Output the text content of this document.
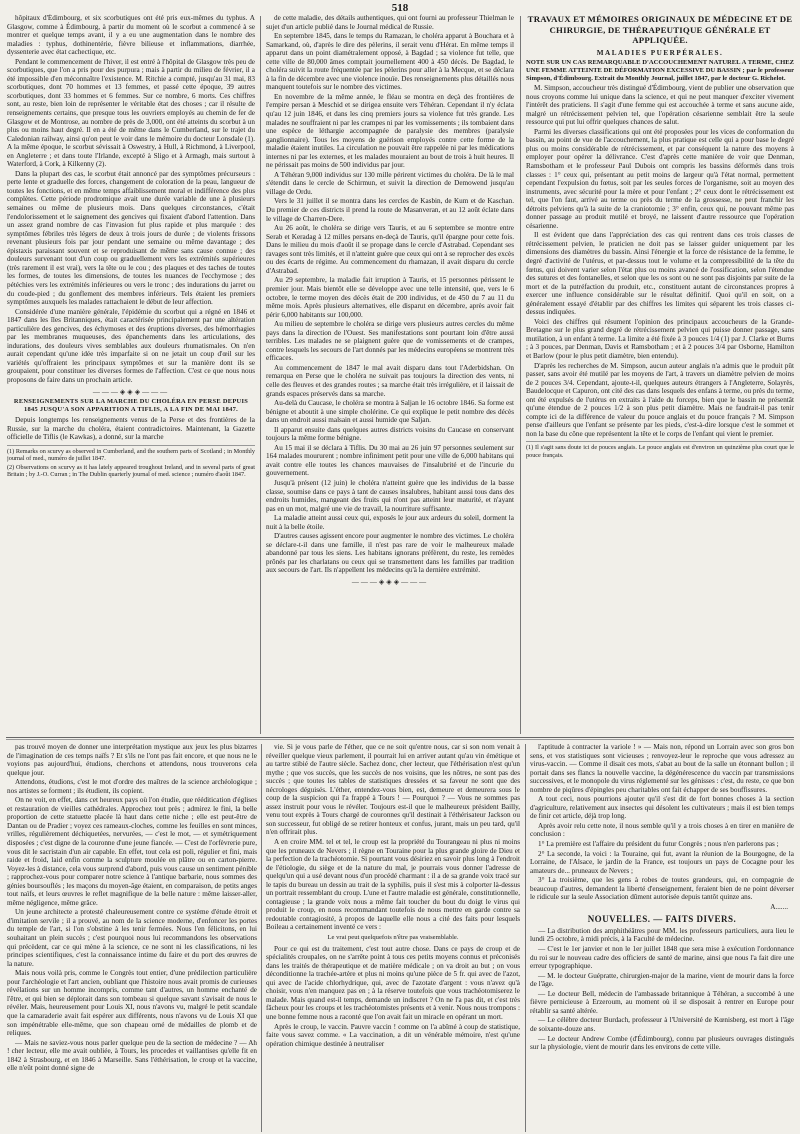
518

hôpitaux d'Édimbourg, et six scorbutiques ont été pris eux-mêmes du typhus. A Glasgow, comme à Édimbourg, à partir du moment où le scorbut a commencé à se montrer et quelque temps avant, il y a eu une augmentation dans le nombre des maladies : typhus, dothinentérie, fièvre bilieuse et inflammations, diarrhée, dyssenterie avec état cachectique, etc.

Pendant le commencement de l'hiver, il est entré à l'hôpital de Glasgow très peu de scorbutiques, que l'on a pris pour des purpura ; mais à partir du milieu de février, il a été impossible d'en méconnaître l'existence. M. Ritchie a compté, jusqu'au 31 mai, 83 scorbutiques, dont 70 hommes et 13 femmes, et passé cette époque, 39 autres scorbutiques, dont 33 hommes et 6 femmes. Sur ce nombre, 6 morts. Ces chiffres sont, au reste, bien loin de représenter le véritable état des choses ; car il résulte de renseignements certains, que presque tous les ouvriers employés au chemin de fer de Glasgow et de Montrose, au nombre de près de 3,000, ont été atteints du scorbut à un plus ou moins haut degré. Il en a été de même dans le Cumberland, sur le trajet du Caledonian railway, ainsi qu'on peut le voir dans le mémoire du docteur Lonsdale (1). A la même époque, le scorbut sévissait à Oswestry, à Hull, à Richmond, à Liverpool, en Angleterre ; et dans toute l'Irlande, excepté à Sligo et à Armagh, mais surtout à Waterford, à Cork, à Kilkenny (2).

Dans la plupart des cas, le scorbut était annoncé par des symptômes précurseurs : perte lente et graduelle des forces, changement de coloration de la peau, langueur de toutes les fonctions, et en même temps affaiblissement moral et indifférence des plus complètes. Cette période prodromique avait une durée variable de une à plusieurs semaines ou même de plusieurs mois. Dans quelques circonstances, c'était l'endolorissement et le saignement des gencives qui fixaient d'abord l'attention. Dans un assez grand nombre de cas l'invasion fut plus rapide et plus marquée : des symptômes fébriles très légers de deux à trois jours de durée ; de violents frissons revenant plusieurs fois par jour pendant une semaine ou même davantage ; des épistaxis paraissant souvent et se reproduisant de même sans cause connue ; des douleurs survenant tout d'un coup ou graduellement vers les extrémités supérieures (très rarement il est vrai), vers la tête ou le cou ; des plaques et des taches de toutes les formes, de toutes les dimensions, de toutes les nuances de l'ecchymose ; des pétéchies vers les extrémités inférieures ou vers le tronc ; des indurations du jarret ou du coude-pied ; du gonflement des membres inférieurs. Tels étaient les premiers symptômes auxquels les malades rattachaient le début de leur affection.

Considérée d'une manière générale, l'épidémie du scorbut qui a régné en 1846 et 1847 dans les îles Britanniques, était caractérisée principalement par une altération particulière des gencives, des échymoses et des éruptions diverses, des hémorrhagies par les membranes muqueuses, des épanchements dans les articulations, des indurations, des douleurs vives semblables aux douleurs rhumatismales. On n'en aurait cependant qu'une idée très imparfaite si on ne jetait un coup d'œil sur les variétés qu'offraient les principaux symptômes et sur la manière dont ils se groupaient, pour constituer les diverses formes de l'affection. C'est ce que nous nous proposons de faire dans un prochain article.

———◈◈◈———
RENSEIGNEMENTS SUR LA MARCHE DU CHOLÉRA EN PERSE DEPUIS 1845 JUSQU'A SON APPARITION A TIFLIS, A LA FIN DE MAI 1847.

Depuis longtemps les renseignements venus de la Perse et des frontières de la Russie, sur la marche du choléra, étaient contradictoires. Maintenant, la Gazette officielle de Tiflis (le Kawkas), a donné, sur la marche

(1) Remarks on scurvy as observed in Cumberland, and the southern parts of Scotland ; in Monthly journal of med., numéro de juillet 1847.

(2) Observations on scurvy as it has lately appeared troughout Ireland, and in several parts of great Britain ; by J.-O. Curran ; in The Dublin quarterly journal of med. science ; numéro d'août 1847.

de cette maladie, des détails authentiques, qui ont fourni au professeur Thielman le sujet d'un article publié dans le Journal médical de Russie.

En septembre 1845, dans le temps du Ramazan, le choléra apparut à Bouchara et à Samarkand, où, d'après le dire des pèlerins, il serait venu d'Hérat. En même temps il apparut dans un point diamétralement opposé, à Bagdad ; sa violence fut telle, que cette ville de 80,000 âmes comptait journellement 400 à 450 décès. De Bagdad, le choléra suivit la route fréquentée par les pèlerins pour aller à la Mecque, et se déclara à la fin de décembre avec une violence inouïe. Des renseignements plus détaillés nous manquent toutefois sur le nombre des victimes.

En novembre de la même année, le fléau se montra en deçà des frontières de l'empire persan à Meschid et se dirigea ensuite vers Téhéran. Cependant il n'y éclata qu'au 12 juin 1846, et dans les cinq premiers jours sa violence fut très grande. Les malades ne souffraient ni par les crampes ni par les vomissements ; ils tombaient dans une espèce de léthargie accompagnée de paralysie des membres (paralysie ganglionnaire). Tous les moyens de guérison employés contre cette forme de la maladie étaient inutiles. La circulation ne pouvait être rappelée ni par les médications internes ni par les externes, et les malades mouraient au bout de trois à huit heures. Il ne périssait pas moins de 500 individus par jour.

A Téhéran 9,000 individus sur 130 mille périrent victimes du choléra. De là le mal s'étendit dans le cercle de Schirmun, et suivit la direction de Demowend jusqu'au village de Ordu.

Vers le 31 juillet il se montra dans les cercles de Kasbin, de Kum et de Kaschan. Du premier de ces districts il prend la route de Masanveran, et au 12 août éclate dans le village de Charren-Dere.

Au 26 août, le choléra se dirige vers Tauris, et au 6 septembre se montre entre Serab et Keradag à 12 milles persans en-deçà de Tauris, qu'il épargne pour cette fois. Dans le milieu du mois d'août il se propage dans le cercle d'Astrabad. Cependant ses ravages sont très limités, et il n'atteint guère que ceux qui ont à se reprocher des excès ou des écarts de régime. Au commencement du rhamazan, il avait disparu du cercle d'Astrabad.

Au 29 septembre, la maladie fait irruption à Tauris, et 15 personnes périssent le premier jour. Mais bientôt elle se développe avec une telle intensité, que, vers le 6 octobre, le terme moyen des décès était de 200 individus, et de 450 du 7 au 11 du même mois. Après plusieurs alternatives, elle disparut en décembre, après avoir fait périr 6,000 habitants sur 100,000.

Au milieu de septembre le choléra se dirige vers plusieurs autres cercles du même pays dans la direction de l'Ouest. Ses manifestations sont pourtant loin d'être aussi terribles. Les malades ne se plaignent guère que de vomissements et de crampes, contre lesquels les secours de l'art donnés par les médecins européens se montrent très efficaces.

Au commencement de 1847 le mal avait disparu dans tout l'Aderbidshan. On remarqua en Perse que le choléra ne suivait pas toujours la direction des vents, ni celle des fleuves et des grandes routes ; sa marche était très irrégulière, et il laissait de grands espaces préservés dans sa marche.

Au-delà du Caucase, le choléra se montra à Saljan le 16 octobre 1846. Sa forme est bénigne et aboutit à une simple cholérine. Ce qui explique le petit nombre des décès dans un endroit aussi malsain et aussi humide que Saljan.

Il apparut ensuite dans quelques autres districts voisins du Caucase en conservant toujours la même forme bénigne.

Au 15 mai il se déclara à Tiflis. Du 30 mai au 26 juin 97 personnes seulement sur 164 malades moururent ; nombre infiniment petit pour une ville de 6,000 habitans qui avait contre elle toutes les chances mauvaises de l'insalubrité et de l'incurie du gouvernement.

Jusqu'à présent (12 juin) le choléra n'atteint guère que les individus de la basse classe, soumise dans ce pays à tant de causes insalubres, habitant aussi tous dans des endroits humides, mangeant des fruits qui n'ont pas atteint leur maturité, et n'ayant pas en un mot, malgré une vie de travail, la nourriture suffisante.

La maladie atteint aussi ceux qui, exposés le jour aux ardeurs du soleil, dorment la nuit à la belle étoile.

D'autres causes agissent encore pour augmenter le nombre des victimes. Le choléra se déclare-t-il dans une famille, il n'est pas rare de voir le malheureux malade abandonné par tous les siens. Les habitans ignorans préfèrent, du reste, les remèdes prônés par les charlatans ou ceux qui se transmettent dans les familles par tradition aux secours de l'art. Ils n'appellent les médecins qu'à la dernière extrémité.

———◈◈◈———
TRAVAUX ET MÉMOIRES ORIGINAUX DE MÉDECINE ET DE CHIRURGIE, DE THÉRAPEUTIQUE GÉNÉRALE ET APPLIQUÉE.
MALADIES PUERPÉRALES.
NOTE SUR UN CAS REMARQUABLE D'ACCOUCHEMENT NATUREL A TERME, CHEZ UNE FEMME ATTEINTE DE DÉFORMATION EXCESSIVE DU BASSIN ; par le professeur Simpson, d'Édimbourg. Extrait du Monthly Journal, juillet 1847, par le docteur G. Richelot.

M. Simpson, accoucheur très distingué d'Édimbourg, vient de publier une observation que nous croyons comme lui unique dans la science, et qui ne peut manquer d'exciter vivement l'intérêt des praticiens. Il s'agit d'une femme qui est accouchée à terme et sans aucune aide, malgré un rétrécissement pelvien tel, que l'opération césarienne semblait être la seule ressource qui put lui offrir quelques chances de salut.

Parmi les diverses classifications qui ont été proposées pour les vices de conformation du bassin, au point de vue de l'accouchement, la plus pratique est celle qui a pour base le degré plus ou moins considérable de rétrécissement, et par conséquent la nature des moyens à employer pour opérer la délivrance. C'est d'après cette manière de voir que Denman, Ramsbotham et le professeur Paul Dubois ont compris les bassins déformés dans trois classes : 1° ceux qui, présentant au petit moins de largeur qu'à l'état normal, permettent cependant l'expulsion du fœtus, soit par les seules forces de l'organisme, soit au moyen des instruments, avec sécurité pour la mère et pour l'enfant ; 2° ceux dont le rétrécissement est tel, que l'on faut, arrivé au terme ou près du terme de la grossesse, ne peut franchir les détroits pelviens qu'à la suite de la craniotomie ; 3° enfin, ceux qui, ne pouvant même pas donner passage au produit mutilé et broyé, ne laissent d'autre ressource que l'opération césarienne.

Il est évident que dans l'appréciation des cas qui rentrent dans ces trois classes de rétrécissement pelvien, le praticien ne doit pas se laisser guider uniquement par les dimensions des diamètres du bassin. Ainsi l'énergie et la force de résistance de la femme, le degré d'activité de l'utérus, et par-dessus tout le volume et la compressibilité de la tête du fœtus, qui doivent varier selon l'état plus ou moins avancé de l'ossification, selon l'étendue des sutures et des fontanelles, et selon que les os sont ou ne sont pas disjoints par suite de la mort et de la putréfaction du produit, etc., constituent autant de circonstances propres à exercer une influence considérable sur le résultat définitif. Quoi qu'il en soit, on a généralement essayé d'établir par des chiffres les limites qui séparent les trois classes ci-dessus indiquées.

Voici des chiffres qui résument l'opinion des principaux accoucheurs de la Grande-Bretagne sur le plus grand degré de rétrécissement pelvien qui puisse donner passage, sans mutilation, à un enfant à terme. La limite a été fixée à 3 pouces 1/4 (1) par J. Clarke et Burns ; à 3 pouces, par Denman, Davis et Ramsbotham ; et à 2 pouces 3/4 par Osborne, Hamilton et Barlow (pour le plus petit diamètre, bien entendu).

D'après les recherches de M. Simpson, aucun auteur anglais n'a admis que le produit pût passer, sans avoir été mutilé par les moyens de l'art, à travers un diamètre pelvien de moins de 2 pouces 3/4. Cependant, ajoute-t-il, quelques auteurs étrangers à l'Angleterre, Solayrès, Baudelocque et Capuron, ont cité des cas dans lesquels des enfans à terme, ou près du terme, ont été expulsés de l'utérus en extraits à l'aide du forceps, bien que le bassin ne présentât qu'une étendue de 2 pouces 1/2 à son plus petit diamètre. Mais ne faudrait-il pas tenir compte ici de la différence de valeur du pouce anglais et du pouce français ? M. Simpson pense d'ailleurs que l'enfant se présente par les pieds, c'est-à-dire lorsque c'est le sommet et non la base du cône que représentent la tête et le corps de l'enfant qui vient le premier.

(1) Il s'agit sans doute ici de pouces anglais. Le pouce anglais est d'environ un quinzième plus court que le pouce français.

pas trouvé moyen de donner une interprétation mystique aux jeux les plus bizarres de l'imagination de ces temps naïfs ? Et s'ils ne l'ont pas fait encore, et que nous ne le voyions pas aujourd'hui, étudions, cherchons et attendons, nous trouverons cela quelque jour.

Attendons, étudions, c'est le mot d'ordre des maîtres de la science archéologique ; nos artistes se forment ; ils étudient, ils copient.

On ne voit, en effet, dans cet heureux pays où l'on étudie, que rééditication d'églises et restauration de vieilles cathédrales. Approchez tout près ; admirez le fini, la belle proportion de cette statuette placée là haut dans cette niche ; elle est peut-être de Dantan ou de Pradier ; voyez ces rameaux-cloches, comme les feuilles en sont minces, vrilles, régulièrement déchiquetées, nervurées, — c'est le mot, — et symétriquement disposées ; c'est digne de la couronne d'une jeune fiancée. — C'est de l'orfèvrerie pure, vous dit le sacristain d'un air capable. En effet, tout cela est poli, régulier et fini, mais raide et froid, laid enfin comme la sculpture moulée en plâtre ou en carton-pierre. Voyez-les à distance, cela vous surprend d'abord, puis vous cause un sentiment pénible ; rapprochez-vous pour comparer notre science à l'antique barbarie, nous sommes des génies boursouflés ; les maçons du moyen-âge étaient, en comparaison, de petits anges tout naïfs, et leurs œuvres le reflet magnifique de la belle nature : même laisser-aller, même négligence, même grâce.

Un jeune architecte a protesté chaleureusement contre ce système d'étude étroit et d'imitation servile ; il a prouvé, au nom de la science moderne, d'enfoncer les portes du temple de l'art, si l'on s'obstine à les tenir fermées. Nous l'en félicitons, en lui souhaitant un plein succès ; c'est pourquoi nous lui recommandons les observations qui précèdent, car ce qui mène à la science, ce ne sont ni les classifications, ni les principes scientifiques, c'est la connaissance intime du faire et du port des œuvres de la nature.

Mais nous voilà pris, comme le Congrès tout entier, d'une prédilection particulière pour l'archéologie et l'art ancien, oubliant que l'histoire nous avait promis de curieuses révélations sur un homme incompris, comme tant d'autres, un homme enchanté de l'être, et qui bien se déplorait dans son tombeau si quelque savant s'avisait de nous le révéler. Mais, heureusement pour Louis XI, nous n'avons vu, malgré le petit scandale que la camaraderie avait fait espérer aux différents, nous n'avons vu de Louis XI que son impénétrable elle-même, que son chapeau orné de médailles de plomb et de reliques.

— Mais ne saviez-vous nous parler quelque peu de la section de médecine ? — Ah ! cher lecteur, elle me avait oubliée, à Tours, les procedes et vaillantises qu'elle fit en 1842 à Strasbourg, et en 1846 à Marseille. Sans l'éthérisation, le croup et la vaccine, elle n'eût point donné signe de

vie. Si je vous parle de l'éther, que ce ne soit qu'entre nous, car si son nom venait à réveiller quelque vieux parlement, il pourrait lui en arriver autant qu'au vin émétique et au tartre stibié de l'autre siècle. Sachez donc, cher lecteur, que l'éthérisation n'est qu'un mythe ; que vos succès, que les succès de nos voisins, que les nôtres, ne sont pas des succès ; que toutes les tables de statistiques dressées et sa faveur ne sont que des nécrologes déguisés. L'éther, entendez-vous bien, est, demeure et demeurera sous le coup de la suspicion qui l'a frappé à Tours ! — Pourquoi ? — Vous ne sommes pas assez instruit pour vous le révéler. Toujours est-il que le malheureux président Bailly, venu tout exprès à Tours chargé de couronnes qu'il destinait à l'éthérisateur Jackson ou son successeur, fut obligé de se retirer honteux et confus, jurant, mais un peu tard, qu'il n'en offrirait plus.

A en croire MM. tel et tel, le croup est la propriété du Tourangeau ni plus ni moins que les pruneaux de Nevers ; il règne en Touraine pour la plus grande gloire de Dieu et la perfection de la trachéotomie. Si pourtant vous désiriez en savoir plus long à l'endroit de l'étiologie, du siège et de la nature du mal, je pourrais vous donner l'adresse de quelqu'un qui a usé devant nous d'un procédé charmant : il a de sa grande voix tracé sur le tapis du bureau un dessin au trait de la syphilis, puis il s'est mis à colporter là-dessus un portrait ressemblant du croup. L'une et l'autre maladie est générale, constitutionnelle, contagieuse ; la grande voix nous a même fait toucher du bout du doigt le virus qui produit le croup, en nous recommandant toutefois de nous mettre en garde contre sa redoutable contagiosité, à propos de laquelle elle nous a cité des faits pour lesquels Boileau a certainement inventé ce vers :

Le vrai peut quelquefois n'être pas vraisemblable.

Pour ce qui est du traitement, c'est tout autre chose. Dans ce pays de croup et de spécialités croupales, on ne s'arrête point à tous ces petits moyens connus et préconisés dans les traités de thérapeutique et de matière médicale ; on va droit au but ; on vous déconditionne la trachée-artère et plus ni moins qu'une pièce de 5 fr. qui avec de l'azot, qui avec de l'acide chlorhydrique, qui, avec de l'azotate d'argent : vous n'avez qu'à choisir, vous n'en manquez pas en ; à la réserve toutefois que vous trachéotomiserez le malade. Mais quand est-il temps, demande un indiscret ? On ne l'a pas dit, et c'est très fâcheux pour les croups et les trachéotomistes présents et à venir. Nous nous trompons : une bonne femme nous a raconté que l'on avait fait un miracle en opérant un mort.

Après le croup, le vaccin. Pauvre vaccin ! comme on l'a abîmé à coup de statistique, faite vous savez comme. « La vaccination, a dit un vénérable mémoire, n'est qu'une opération chimique destinée à neutraliser

l'aptitude à contracter la variole ! » — Mais non, répond un Lorrain avec son gros bon sens, et vos statistiques sont vicieuses ; renvoyez-leur le reproche que vous adressez au virus-vaccin. — Comme il disait ces mots, s'abat au bout de la salle un étonnant bullon ; il portait dans ses flancs la nouvelle vaccine, la dégénérescence du vaccin par transmissions successives, et le monopole du virus réglementé sur les génisses : c'est, du reste, ce que bon nombre de piqûres d'épingles peu charitables ont fait échapper de ses bouffissures.

A tout ceci, nous pourrions ajouter qu'il s'est dit de fort bonnes choses à la section d'agriculture, relativement aux insectes qui désolent les cultivateurs ; mais il est bien temps de finir cet article, déjà trop long.

Après avoir relu cette note, il nous semble qu'il y a trois choses à en tirer en manière de conclusion :

1° La première est l'affaire du président du futur Congrès ; nous n'en parlerons pas ;

2° La seconde, la voici : la Touraine, qui fut, avant la réunion de la Bourgogne, de la Lorraine, de l'Alsace, le jardin de la France, est toujours un pays de Cocagne pour les amateurs de... pruneaux de Nevers ;

3° La troisième, que les gens à robes de toutes grandeurs, qui, en compagnie de beaucoup d'autres, demandent la liberté d'enseignement, feraient bien de ne point déverser le ridicule sur la seule Association dûment autorisée depuis tantôt quinze ans.

A.......
NOUVELLES. — FAITS DIVERS.

— La distribution des amphithéâtres pour MM. les professeurs particuliers, aura lieu le lundi 25 octobre, à midi précis, à la Faculté de médecine.

— C'est le 1er janvier et non le 1er juillet 1848 que sera mise à exécution l'ordonnance du roi sur le nouveau cadre des officiers de santé de marine, ainsi que nous l'a fait dire une erreur typographique.

— M. le docteur Guépratte, chirurgien-major de la marine, vient de mourir dans la force de l'âge.

— Le docteur Bell, médecin de l'ambassade britannique à Téhéran, a succombé à une fièvre pernicieuse à Erzeroum, au moment où il se disposait à rentrer en Europe pour rétablir sa santé altérée.

— Le célèbre docteur Burdach, professeur à l'Université de Kœnisberg, est mort à l'âge de soixante-douze ans.

— Le docteur Andrew Combe (d'Édimbourg), connu par plusieurs ouvrages distingués sur la physiologie, vient de mourir dans les environs de cette ville.
